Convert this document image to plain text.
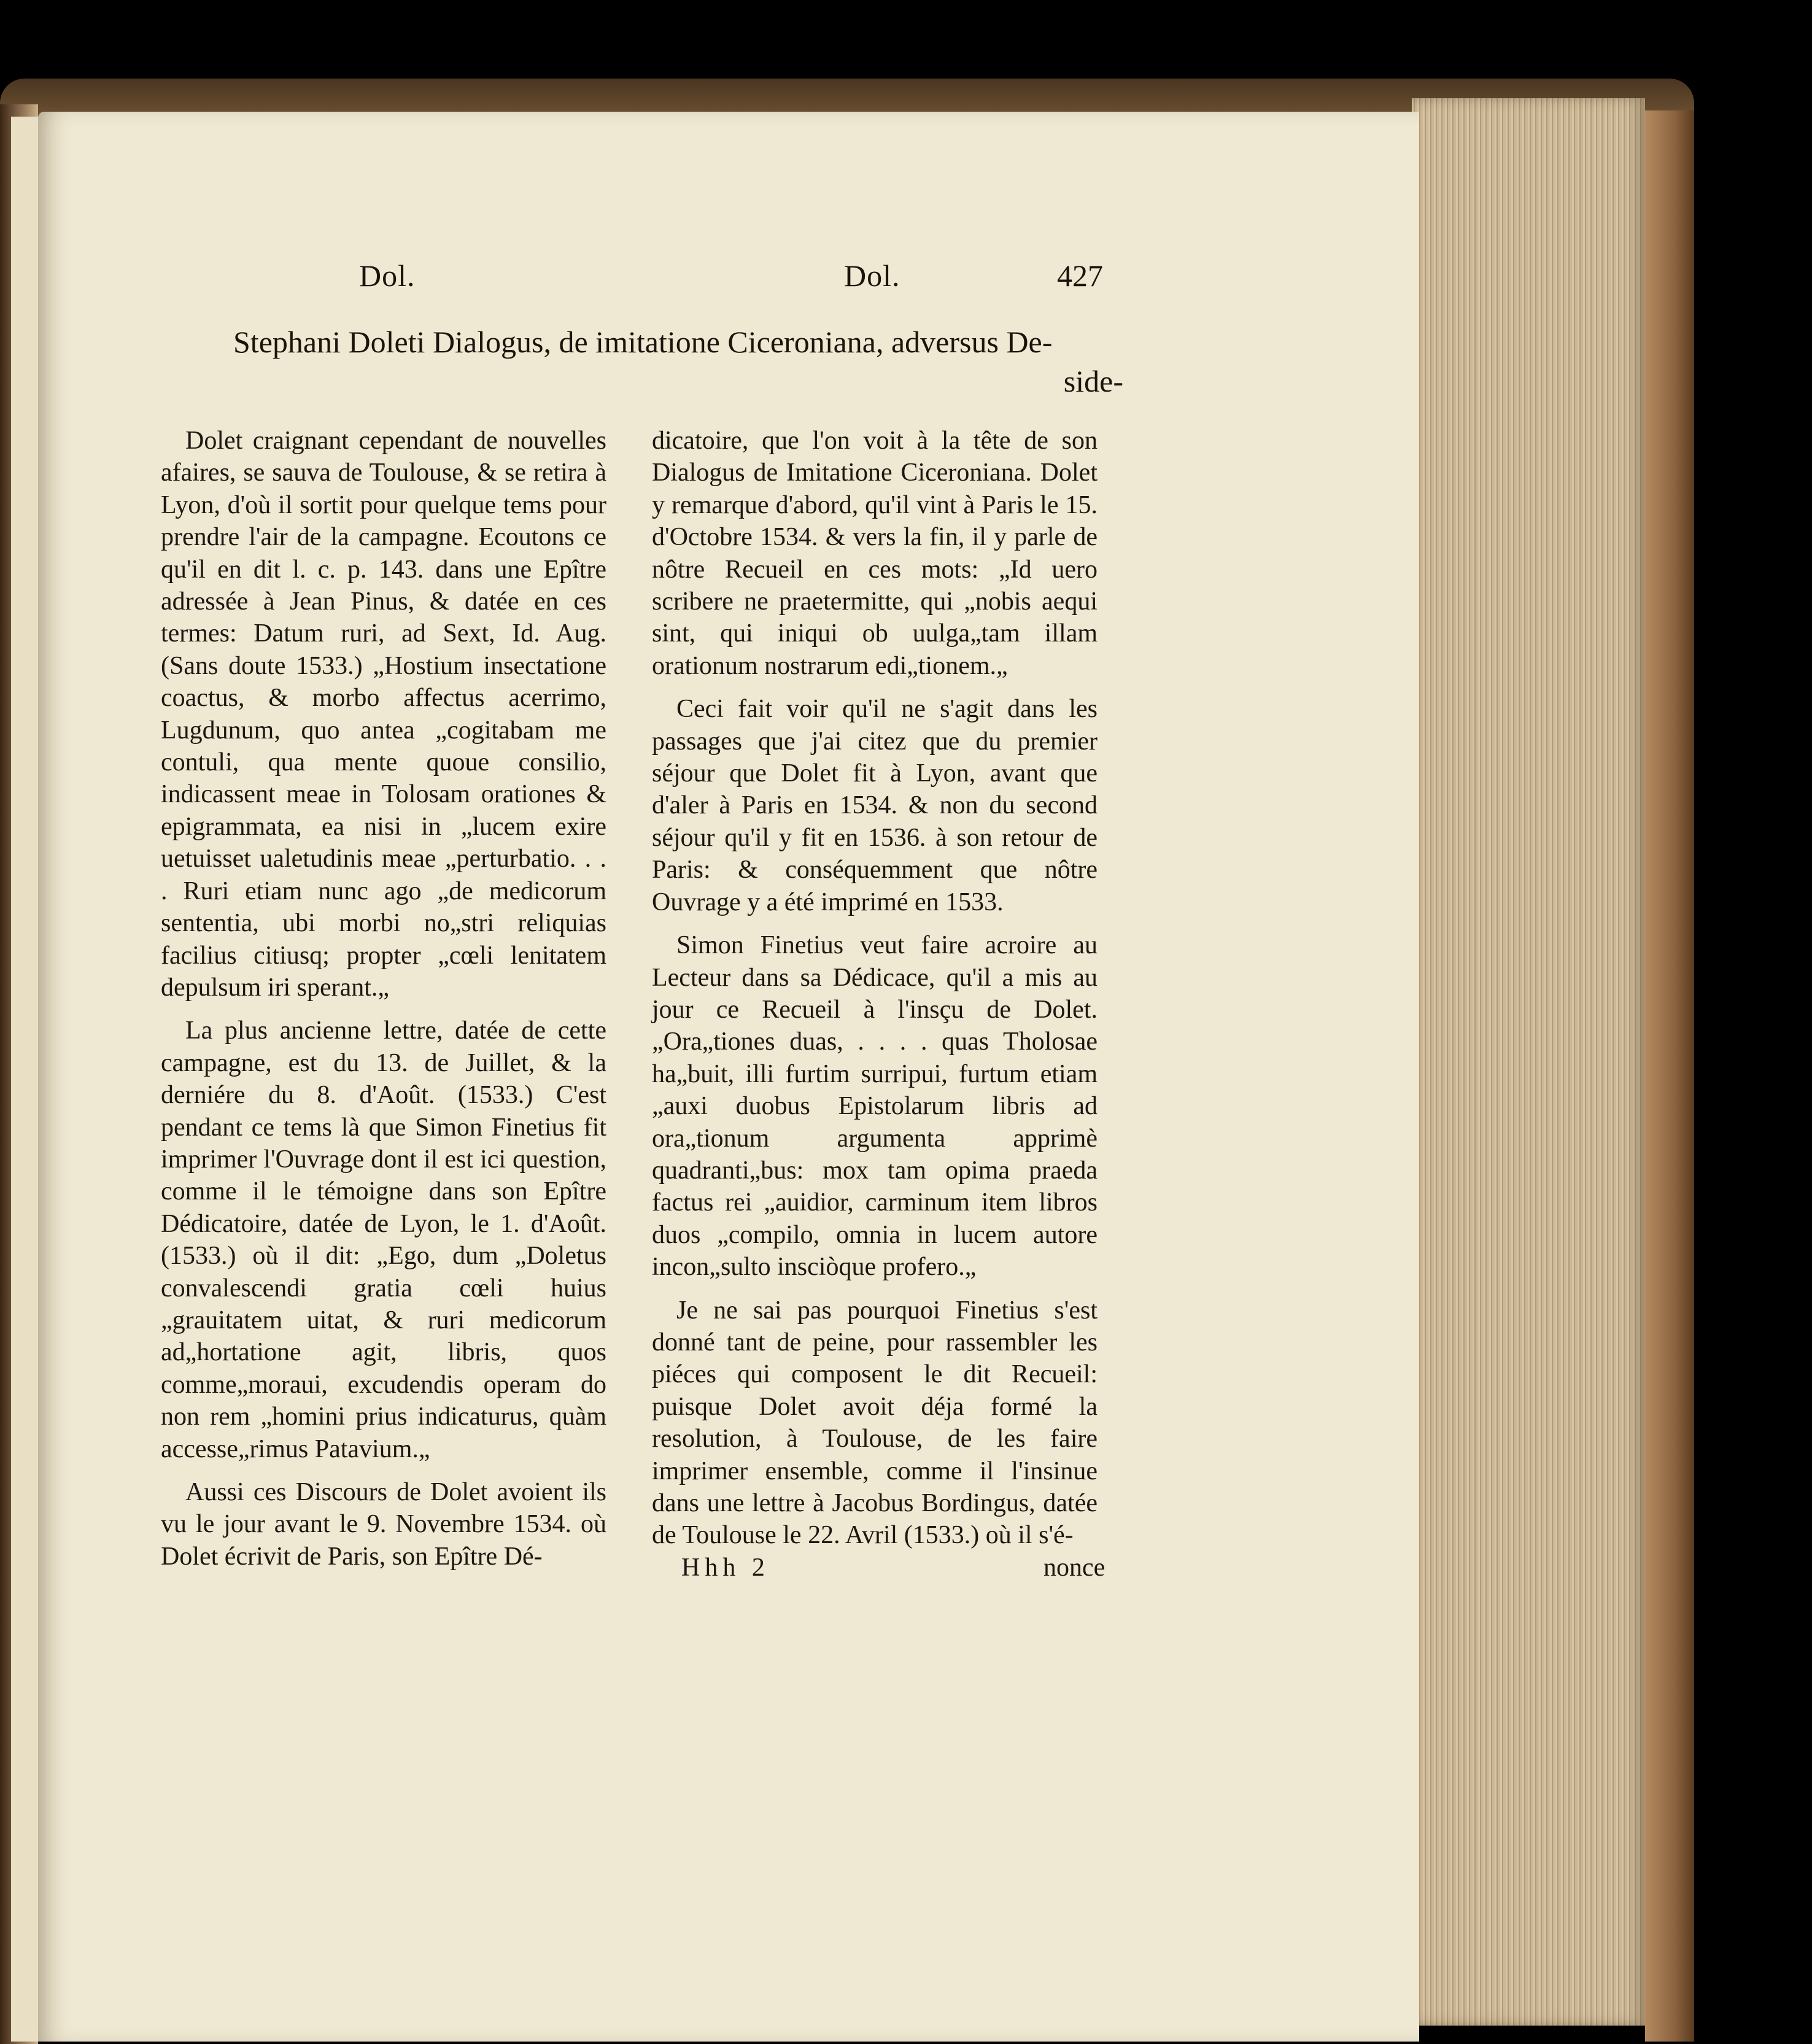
Dol.	Dol.	427
Stephani Doleti Dialogus, de imitatione Ciceroniana, adversus De-
side-

Dolet craignant cependant de nouvelles afaires, se sauva de Toulouse, & se retira à Lyon, d'où il sortit pour quelque tems pour prendre l'air de la campagne. Ecoutons ce qu'il en dit l. c. p. 143. dans une Epître adressée à Jean Pinus, & datée en ces termes: Datum ruri, ad Sext, Id. Aug. (Sans doute 1533.) „Hostium insectatione coactus, & morbo affectus acerrimo, Lugdunum, quo antea „cogitabam me contuli, qua mente quoue consilio, indicassent meae in Tolosam orationes & epigrammata, ea nisi in „lucem exire uetuisset ualetudinis meae „perturbatio. . . . Ruri etiam nunc ago „de medicorum sententia, ubi morbi no„stri reliquias facilius citiusq; propter „cœli lenitatem depulsum iri sperant.„

La plus ancienne lettre, datée de cette campagne, est du 13. de Juillet, & la derniére du 8. d'Août. (1533.) C'est pendant ce tems là que Simon Finetius fit imprimer l'Ouvrage dont il est ici question, comme il le témoigne dans son Epître Dédicatoire, datée de Lyon, le 1. d'Août. (1533.) où il dit: „Ego, dum „Doletus convalescendi gratia cœli huius „grauitatem uitat, & ruri medicorum ad„hortatione agit, libris, quos comme„moraui, excudendis operam do non rem „homini prius indicaturus, quàm accesse„rimus Patavium.„

Aussi ces Discours de Dolet avoient ils vu le jour avant le 9. Novembre 1534. où Dolet écrivit de Paris, son Epître Dé-

dicatoire, que l'on voit à la tête de son Dialogus de Imitatione Ciceroniana. Dolet y remarque d'abord, qu'il vint à Paris le 15. d'Octobre 1534. & vers la fin, il y parle de nôtre Recueil en ces mots: „Id uero scribere ne praetermitte, qui „nobis aequi sint, qui iniqui ob uulga„tam illam orationum nostrarum edi„tionem.„

Ceci fait voir qu'il ne s'agit dans les passages que j'ai citez que du premier séjour que Dolet fit à Lyon, avant que d'aler à Paris en 1534. & non du second séjour qu'il y fit en 1536. à son retour de Paris: & conséquemment que nôtre Ouvrage y a été imprimé en 1533.

Simon Finetius veut faire acroire au Lecteur dans sa Dédicace, qu'il a mis au jour ce Recueil à l'insçu de Dolet. „Ora„tiones duas, . . . . quas Tholosae ha„buit, illi furtim surripui, furtum etiam „auxi duobus Epistolarum libris ad ora„tionum argumenta apprimè quadranti„bus: mox tam opima praeda factus rei „auidior, carminum item libros duos „compilo, omnia in lucem autore incon„sulto insciòque profero.„

Je ne sai pas pourquoi Finetius s'est donné tant de peine, pour rassembler les piéces qui composent le dit Recueil: puisque Dolet avoit déja formé la resolution, à Toulouse, de les faire imprimer ensemble, comme il l'insinue dans une lettre à Jacobus Bordingus, datée de Toulouse le 22. Avril (1533.) où il s'é-

Hhh 2	nonce
